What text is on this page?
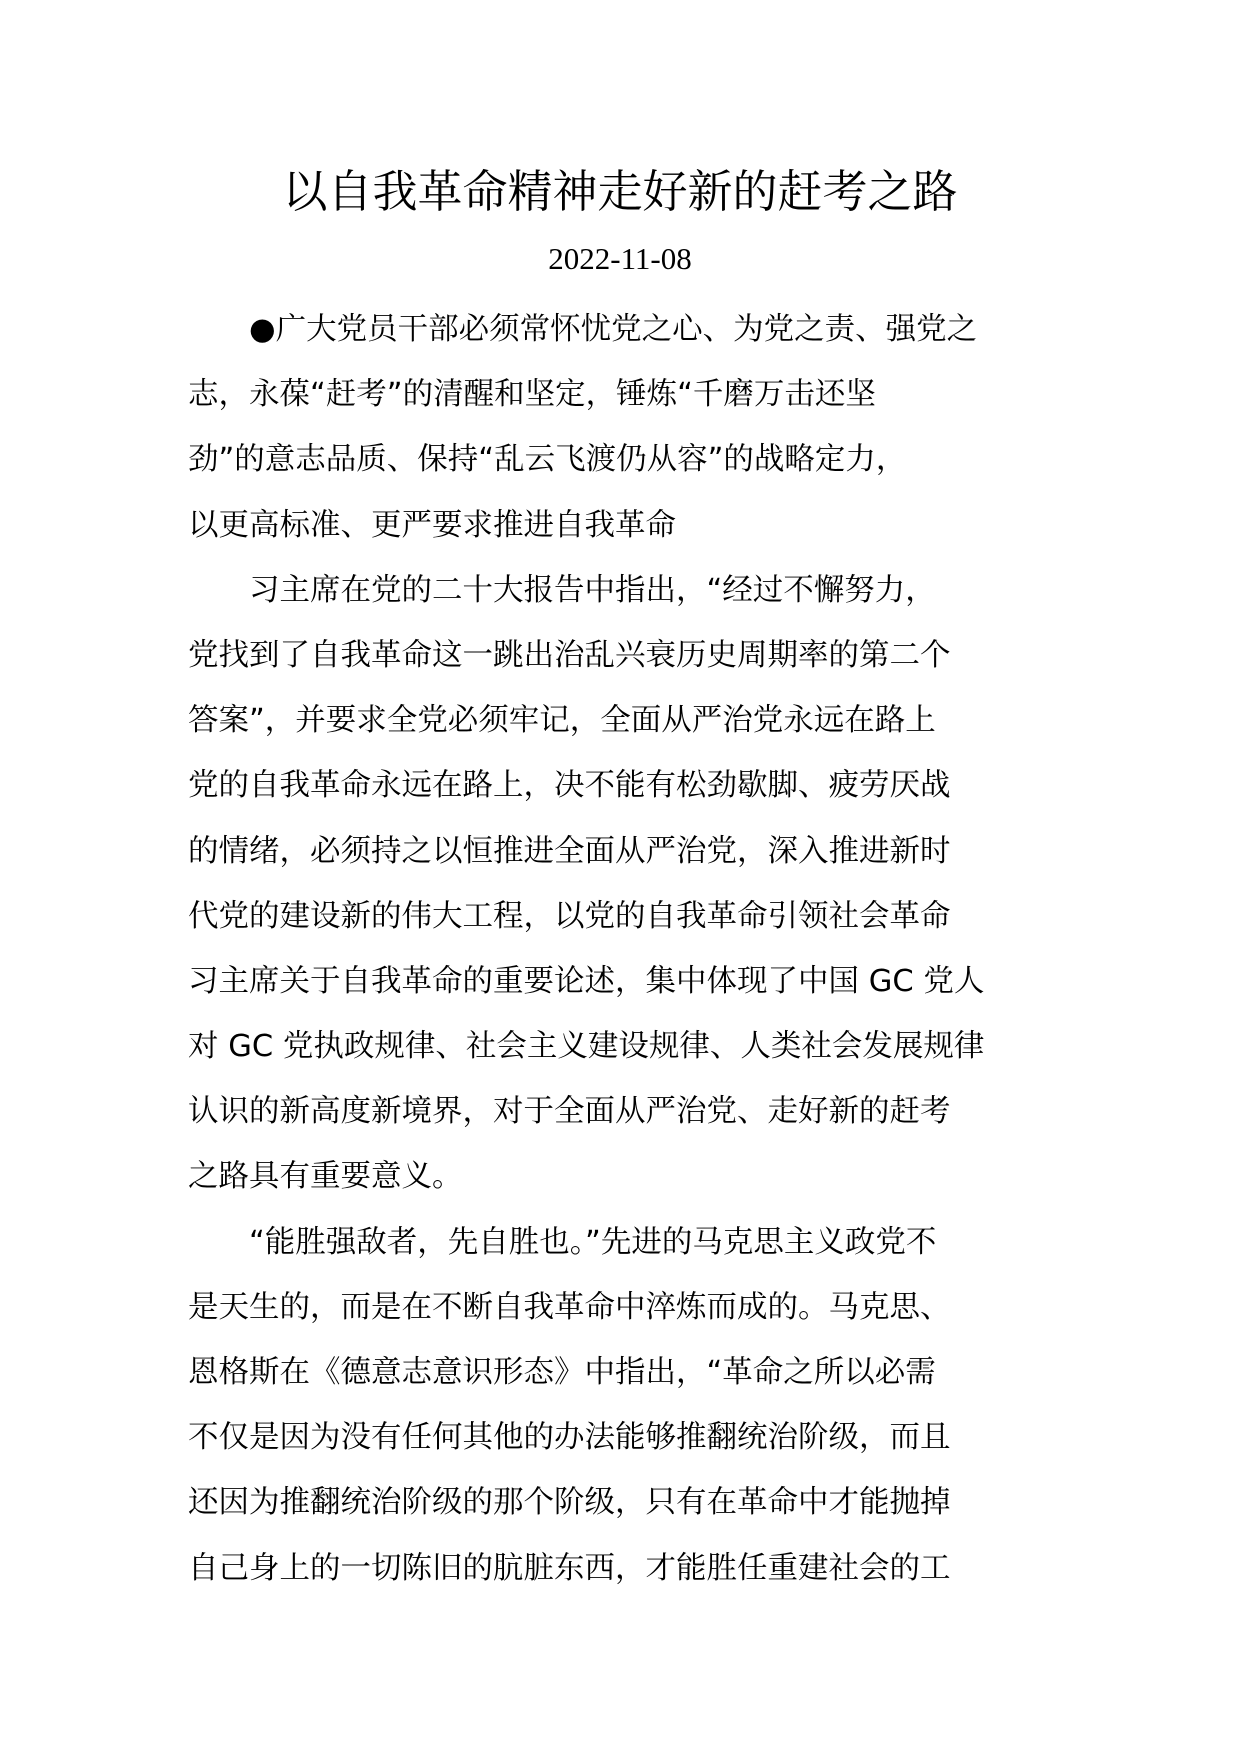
以自我革命精神走好新的赶考之路
2022-11-08
　　●广大党员干部必须常怀忧党之心、为党之责、强党之
志，永葆“赶考”的清醒和坚定，锤炼“千磨万击还坚
劲”的意志品质、保持“乱云飞渡仍从容”的战略定力，
以更高标准、更严要求推进自我革命
　　习主席在党的二十大报告中指出，“经过不懈努力，
党找到了自我革命这一跳出治乱兴衰历史周期率的第二个
答案”，并要求全党必须牢记，全面从严治党永远在路上
党的自我革命永远在路上，决不能有松劲歇脚、疲劳厌战
的情绪，必须持之以恒推进全面从严治党，深入推进新时
代党的建设新的伟大工程，以党的自我革命引领社会革命
习主席关于自我革命的重要论述，集中体现了中国 GC 党人
对 GC 党执政规律、社会主义建设规律、人类社会发展规律
认识的新高度新境界，对于全面从严治党、走好新的赶考
之路具有重要意义。
　　“能胜强敌者，先自胜也。”先进的马克思主义政党不
是天生的，而是在不断自我革命中淬炼而成的。马克思、
恩格斯在《德意志意识形态》中指出，“革命之所以必需
不仅是因为没有任何其他的办法能够推翻统治阶级，而且
还因为推翻统治阶级的那个阶级，只有在革命中才能抛掉
自己身上的一切陈旧的肮脏东西，才能胜任重建社会的工
